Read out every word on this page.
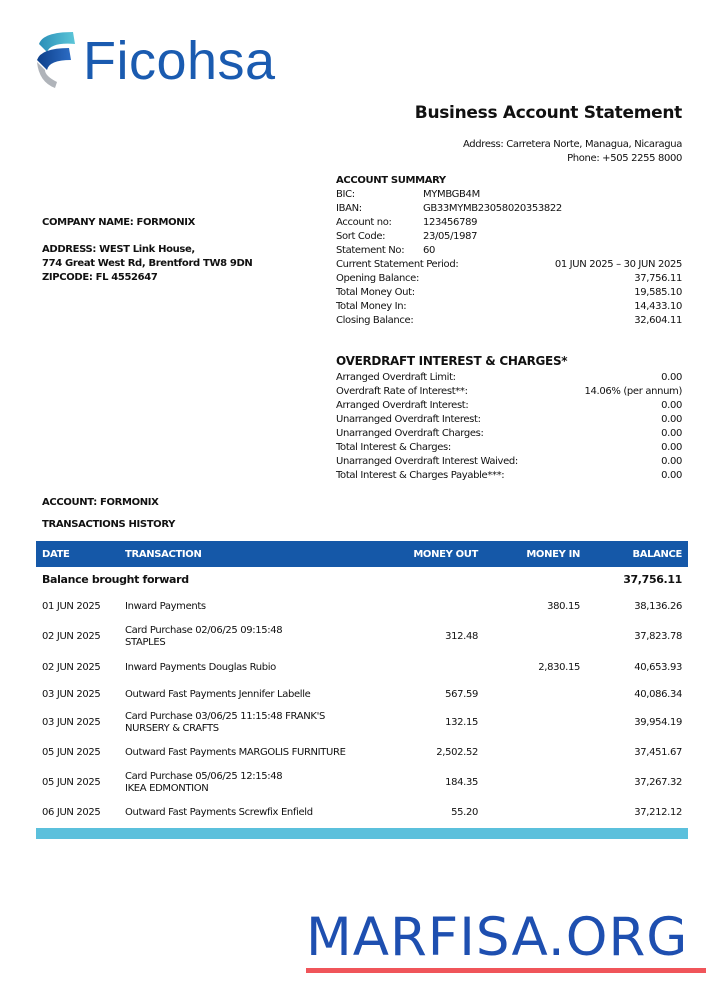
Ficohsa
Business Account Statement
Address: Carretera Norte, Managua, Nicaragua
Phone: +505 2255 8000
COMPANY NAME: FORMONIX
ADDRESS: WEST Link House,
774 Great West Rd, Brentford TW8 9DN
ZIPCODE: FL 4552647
ACCOUNT SUMMARY
BIC:	MYMBGB4M
IBAN:	GB33MYMB23058020353822
Account no:	123456789
Sort Code:	23/05/1987
Statement No: 60
Current Statement Period:	01 JUN 2025 – 30 JUN 2025
Opening Balance:	37,756.11
Total Money Out:	19,585.10
Total Money In:	14,433.10
Closing Balance:	32,604.11
OVERDRAFT INTEREST & CHARGES*
Arranged Overdraft Limit:	0.00
Overdraft Rate of Interest**:	14.06% (per annum)
Arranged Overdraft Interest:	0.00
Unarranged Overdraft Interest:	0.00
Unarranged Overdraft Charges:	0.00
Total Interest & Charges:	0.00
Unarranged Overdraft Interest Waived:	0.00
Total Interest & Charges Payable***:	0.00
ACCOUNT: FORMONIX
TRANSACTIONS HISTORY
DATE	TRANSACTION	MONEY OUT	MONEY IN	BALANCE
Balance brought forward				37,756.11
01 JUN 2025	Inward Payments		380.15	38,136.26
02 JUN 2025	Card Purchase 02/06/25 09:15:48
STAPLES	312.48		37,823.78
02 JUN 2025	Inward Payments Douglas Rubio		2,830.15	40,653.93
03 JUN 2025	Outward Fast Payments Jennifer Labelle	567.59		40,086.34
03 JUN 2025	Card Purchase 03/06/25 11:15:48 FRANK'S
NURSERY & CRAFTS	132.15		39,954.19
05 JUN 2025	Outward Fast Payments MARGOLIS FURNITURE	2,502.52		37,451.67
05 JUN 2025	Card Purchase 05/06/25 12:15:48
IKEA EDMONTION	184.35		37,267.32
06 JUN 2025	Outward Fast Payments Screwfix Enfield	55.20		37,212.12
MARFISA.ORG
